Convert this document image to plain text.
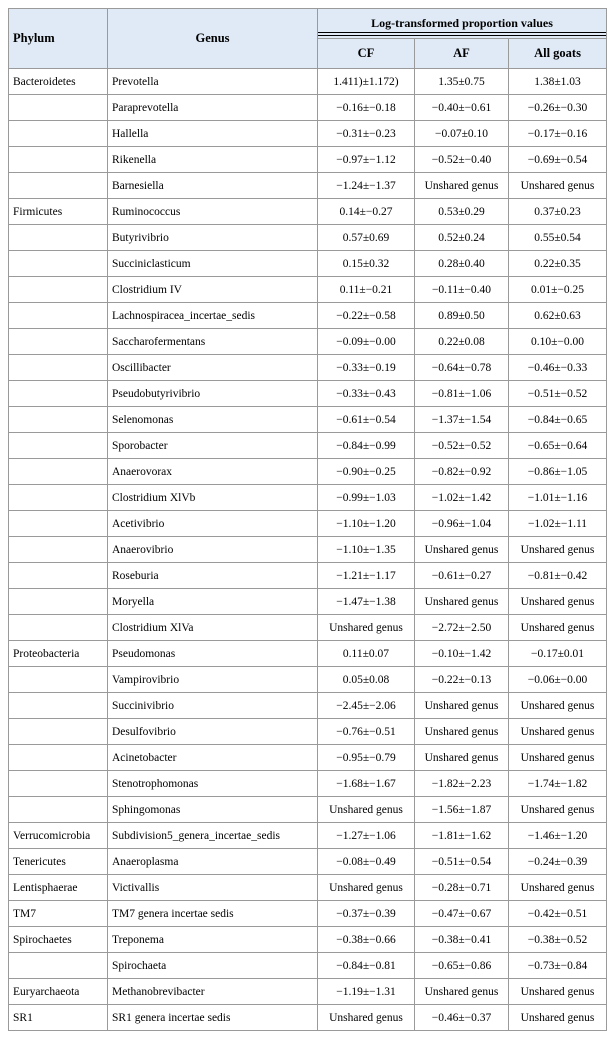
Phylum	Genus	Log-transformed proportion values		

		CF	AF	All goats
Bacteroidetes	Prevotella	1.411)±1.172)	1.35±0.75	1.38±1.03
	Paraprevotella	−0.16±−0.18	−0.40±−0.61	−0.26±−0.30
	Hallella	−0.31±−0.23	−0.07±0.10	−0.17±−0.16
	Rikenella	−0.97±−1.12	−0.52±−0.40	−0.69±−0.54
	Barnesiella	−1.24±−1.37	Unshared genus	Unshared genus
Firmicutes	Ruminococcus	0.14±−0.27	0.53±0.29	0.37±0.23
	Butyrivibrio	0.57±0.69	0.52±0.24	0.55±0.54
	Succiniclasticum	0.15±0.32	0.28±0.40	0.22±0.35
	Clostridium IV	0.11±−0.21	−0.11±−0.40	0.01±−0.25
	Lachnospiracea_incertae_sedis	−0.22±−0.58	0.89±0.50	0.62±0.63
	Saccharofermentans	−0.09±−0.00	0.22±0.08	0.10±−0.00
	Oscillibacter	−0.33±−0.19	−0.64±−0.78	−0.46±−0.33
	Pseudobutyrivibrio	−0.33±−0.43	−0.81±−1.06	−0.51±−0.52
	Selenomonas	−0.61±−0.54	−1.37±−1.54	−0.84±−0.65
	Sporobacter	−0.84±−0.99	−0.52±−0.52	−0.65±−0.64
	Anaerovorax	−0.90±−0.25	−0.82±−0.92	−0.86±−1.05
	Clostridium XlVb	−0.99±−1.03	−1.02±−1.42	−1.01±−1.16
	Acetivibrio	−1.10±−1.20	−0.96±−1.04	−1.02±−1.11
	Anaerovibrio	−1.10±−1.35	Unshared genus	Unshared genus
	Roseburia	−1.21±−1.17	−0.61±−0.27	−0.81±−0.42
	Moryella	−1.47±−1.38	Unshared genus	Unshared genus
	Clostridium XlVa	Unshared genus	−2.72±−2.50	Unshared genus
Proteobacteria	Pseudomonas	0.11±0.07	−0.10±−1.42	−0.17±0.01
	Vampirovibrio	0.05±0.08	−0.22±−0.13	−0.06±−0.00
	Succinivibrio	−2.45±−2.06	Unshared genus	Unshared genus
	Desulfovibrio	−0.76±−0.51	Unshared genus	Unshared genus
	Acinetobacter	−0.95±−0.79	Unshared genus	Unshared genus
	Stenotrophomonas	−1.68±−1.67	−1.82±−2.23	−1.74±−1.82
	Sphingomonas	Unshared genus	−1.56±−1.87	Unshared genus
Verrucomicrobia	Subdivision5_genera_incertae_sedis	−1.27±−1.06	−1.81±−1.62	−1.46±−1.20
Tenericutes	Anaeroplasma	−0.08±−0.49	−0.51±−0.54	−0.24±−0.39
Lentisphaerae	Victivallis	Unshared genus	−0.28±−0.71	Unshared genus
TM7	TM7 genera incertae sedis	−0.37±−0.39	−0.47±−0.67	−0.42±−0.51
Spirochaetes	Treponema	−0.38±−0.66	−0.38±−0.41	−0.38±−0.52
	Spirochaeta	−0.84±−0.81	−0.65±−0.86	−0.73±−0.84
Euryarchaeota	Methanobrevibacter	−1.19±−1.31	Unshared genus	Unshared genus
SR1	SR1 genera incertae sedis	Unshared genus	−0.46±−0.37	Unshared genus
